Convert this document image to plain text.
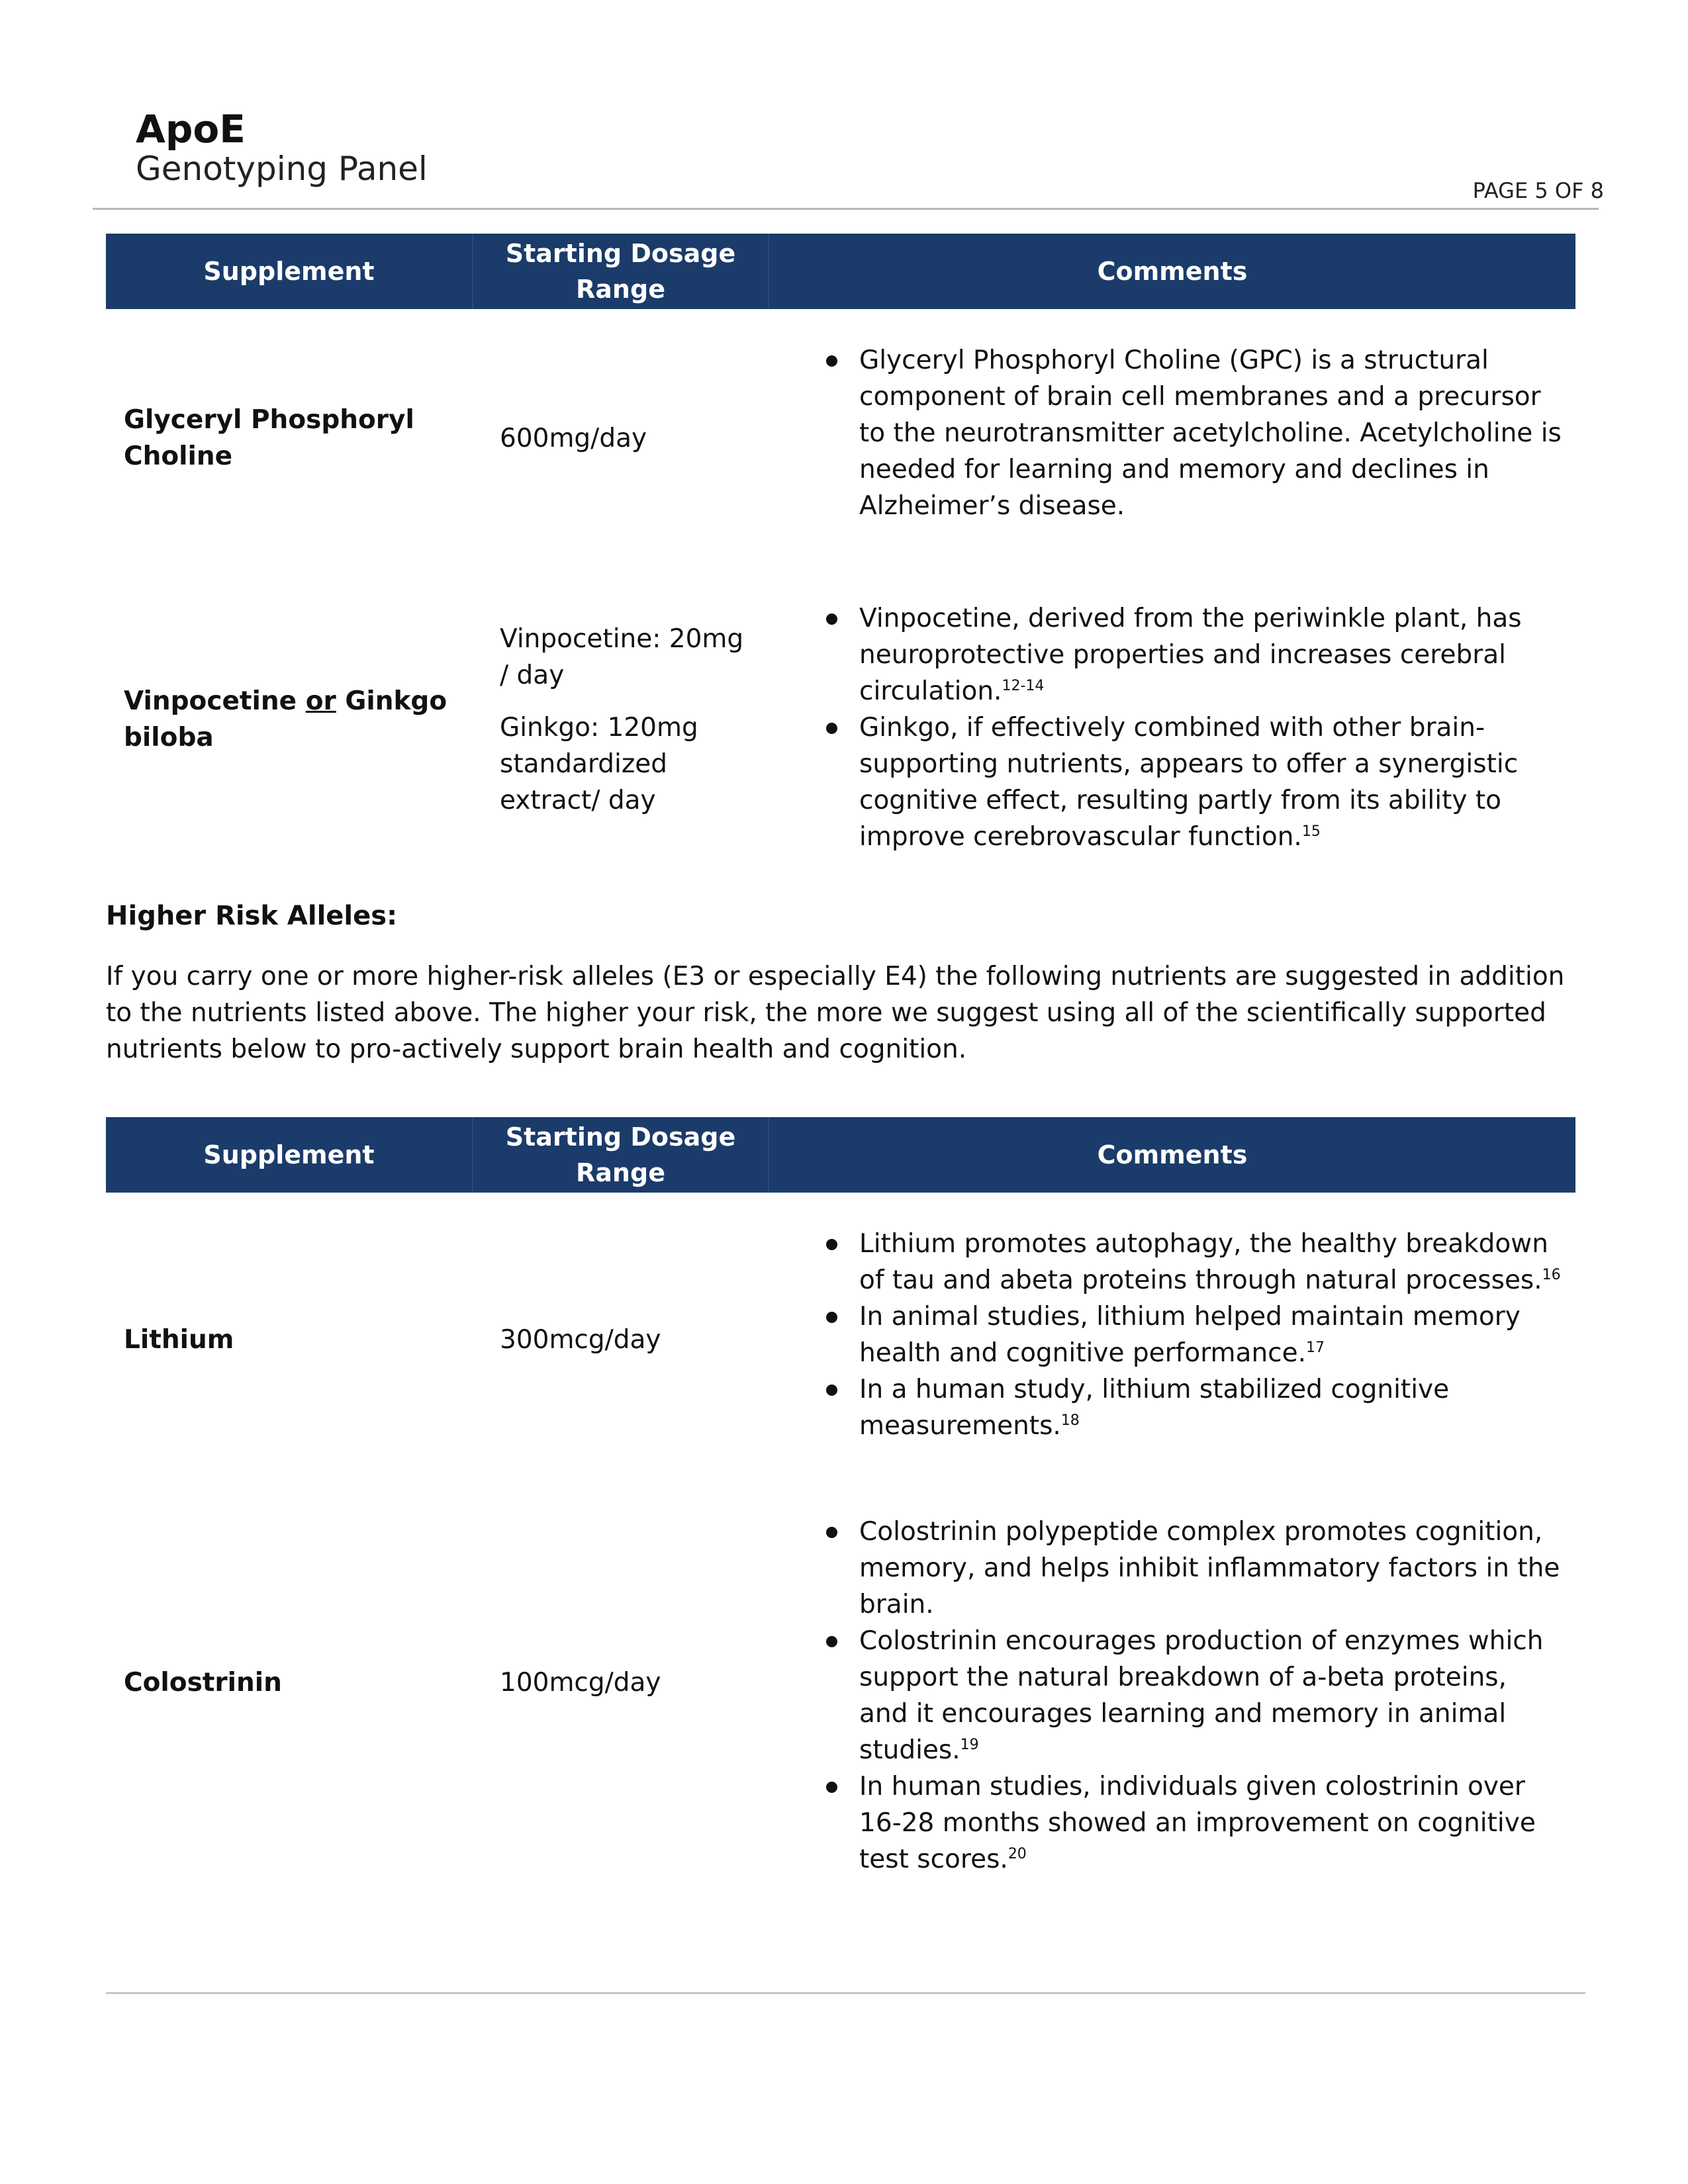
ApoE
Genotyping Panel
PAGE 5 OF 8
Supplement
Starting Dosage Range
Comments
Glyceryl Phosphoryl Choline

600mg/day

Glyceryl Phosphoryl Choline (GPC) is a structural component of brain cell membranes and a precursor to the neurotransmitter acetylcholine. Acetylcholine is needed for learning and memory and declines in Alzheimer’s disease.
Vinpocetine or Ginkgo biloba

Vinpocetine: 20mg / day

Ginkgo: 120mg standardized extract/ day

Vinpocetine, derived from the periwinkle plant, has neuroprotective properties and increases cerebral circulation.$^{12-14}$
Ginkgo, if effectively combined with other brain-supporting nutrients, appears to offer a synergistic cognitive effect, resulting partly from its ability to improve cerebrovascular function.$^{15}$
Higher Risk Alleles:
If you carry one or more higher-risk alleles (E3 or especially E4) the following nutrients are suggested in addition to the nutrients listed above. The higher your risk, the more we suggest using all of the scientifically supported nutrients below to pro-actively support brain health and cognition.
Supplement
Starting Dosage Range
Comments
Lithium	300mcg/day

Lithium promotes autophagy, the healthy breakdown of tau and abeta proteins through natural processes.$^{16}$
In animal studies, lithium helped maintain memory health and cognitive performance.$^{17}$
In a human study, lithium stabilized cognitive measurements.$^{18}$
Colostrinin	100mcg/day

Colostrinin polypeptide complex promotes cognition, memory, and helps inhibit inflammatory factors in the brain.
Colostrinin encourages production of enzymes which support the natural breakdown of a-beta proteins, and it encourages learning and memory in animal studies.$^{19}$
In human studies, individuals given colostrinin over 16-28 months showed an improvement on cognitive test scores.$^{20}$
